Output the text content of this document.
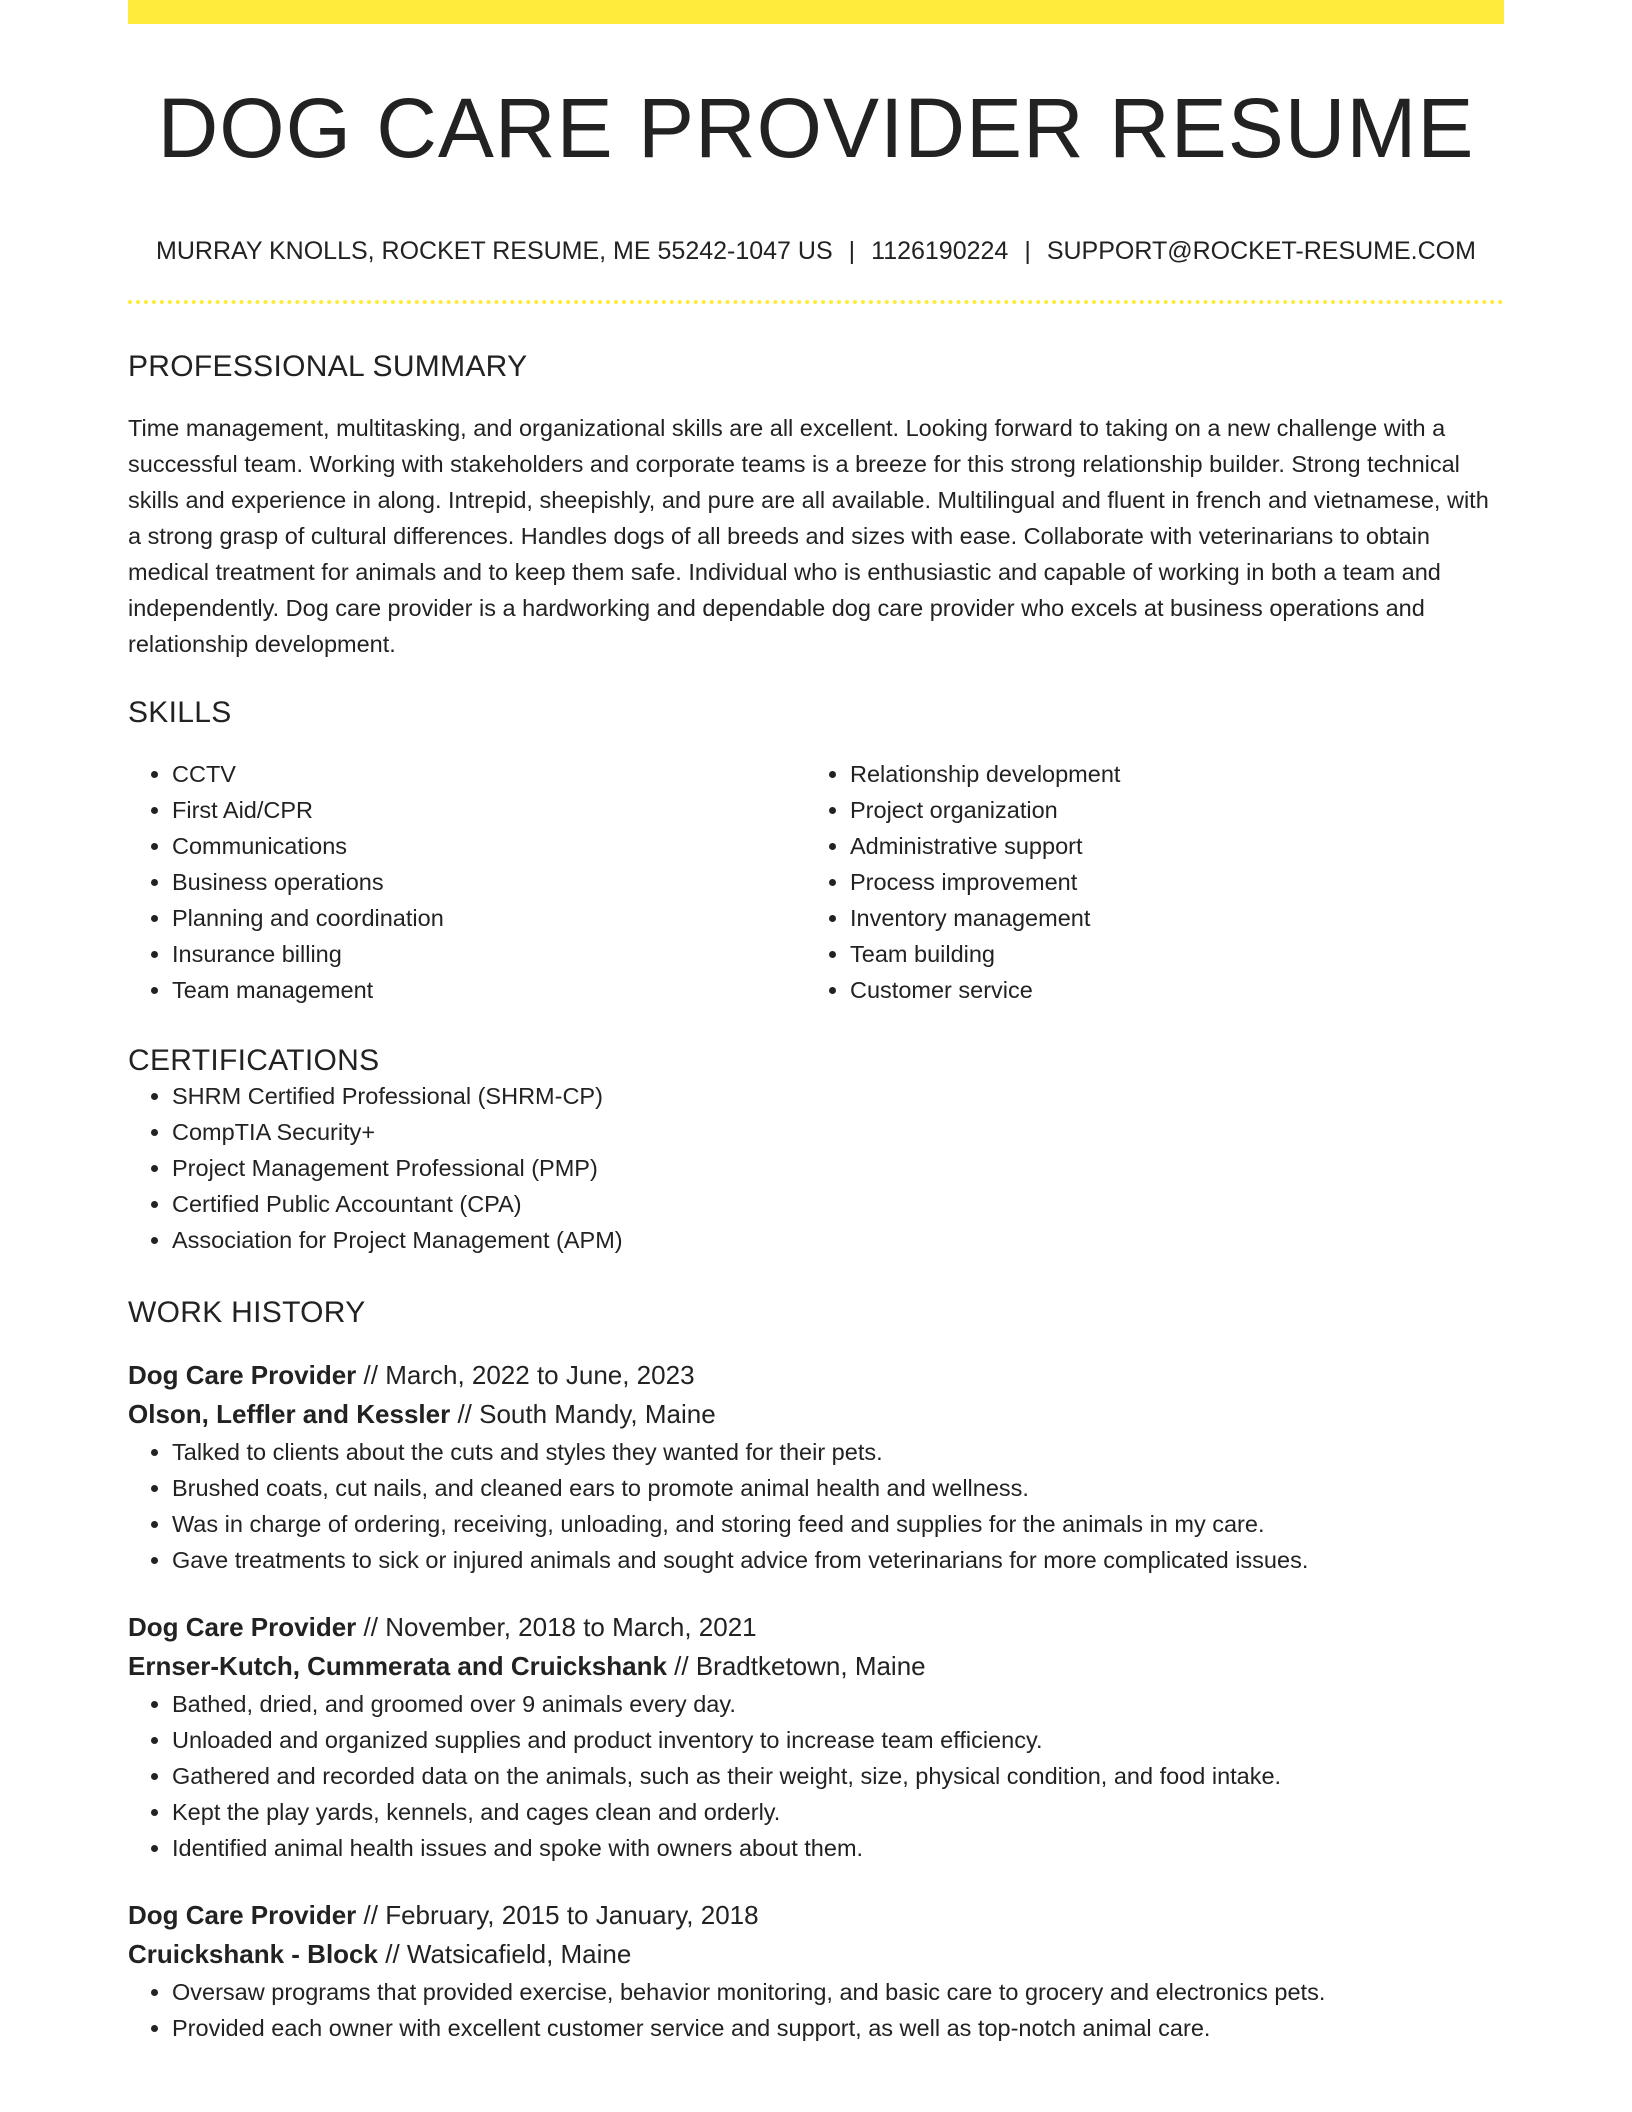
DOG CARE PROVIDER RESUME
MURRAY KNOLLS, ROCKET RESUME, ME 55242-1047 US | 1126190224 | SUPPORT@ROCKET-RESUME.COM
PROFESSIONAL SUMMARY

Time management, multitasking, and organizational skills are all excellent. Looking forward to taking on a new challenge with a successful team. Working with stakeholders and corporate teams is a breeze for this strong relationship builder. Strong technical skills and experience in along. Intrepid, sheepishly, and pure are all available. Multilingual and fluent in french and vietnamese, with a strong grasp of cultural differences. Handles dogs of all breeds and sizes with ease. Collaborate with veterinarians to obtain medical treatment for animals and to keep them safe. Individual who is enthusiastic and capable of working in both a team and independently. Dog care provider is a hardworking and dependable dog care provider who excels at business operations and relationship development.

SKILLS
• CCTV
• First Aid/CPR
• Communications
• Business operations
• Planning and coordination
• Insurance billing
• Team management
• Relationship development
• Project organization
• Administrative support
• Process improvement
• Inventory management
• Team building
• Customer service
CERTIFICATIONS
• SHRM Certified Professional (SHRM-CP)
• CompTIA Security+
• Project Management Professional (PMP)
• Certified Public Accountant (CPA)
• Association for Project Management (APM)
WORK HISTORY
Dog Care Provider // March, 2022 to June, 2023
Olson, Leffler and Kessler // South Mandy, Maine
• Talked to clients about the cuts and styles they wanted for their pets.
• Brushed coats, cut nails, and cleaned ears to promote animal health and wellness.
• Was in charge of ordering, receiving, unloading, and storing feed and supplies for the animals in my care.
• Gave treatments to sick or injured animals and sought advice from veterinarians for more complicated issues.
Dog Care Provider // November, 2018 to March, 2021
Ernser-Kutch, Cummerata and Cruickshank // Bradtketown, Maine
• Bathed, dried, and groomed over 9 animals every day.
• Unloaded and organized supplies and product inventory to increase team efficiency.
• Gathered and recorded data on the animals, such as their weight, size, physical condition, and food intake.
• Kept the play yards, kennels, and cages clean and orderly.
• Identified animal health issues and spoke with owners about them.
Dog Care Provider // February, 2015 to January, 2018
Cruickshank - Block // Watsicafield, Maine
• Oversaw programs that provided exercise, behavior monitoring, and basic care to grocery and electronics pets.
• Provided each owner with excellent customer service and support, as well as top-notch animal care.
